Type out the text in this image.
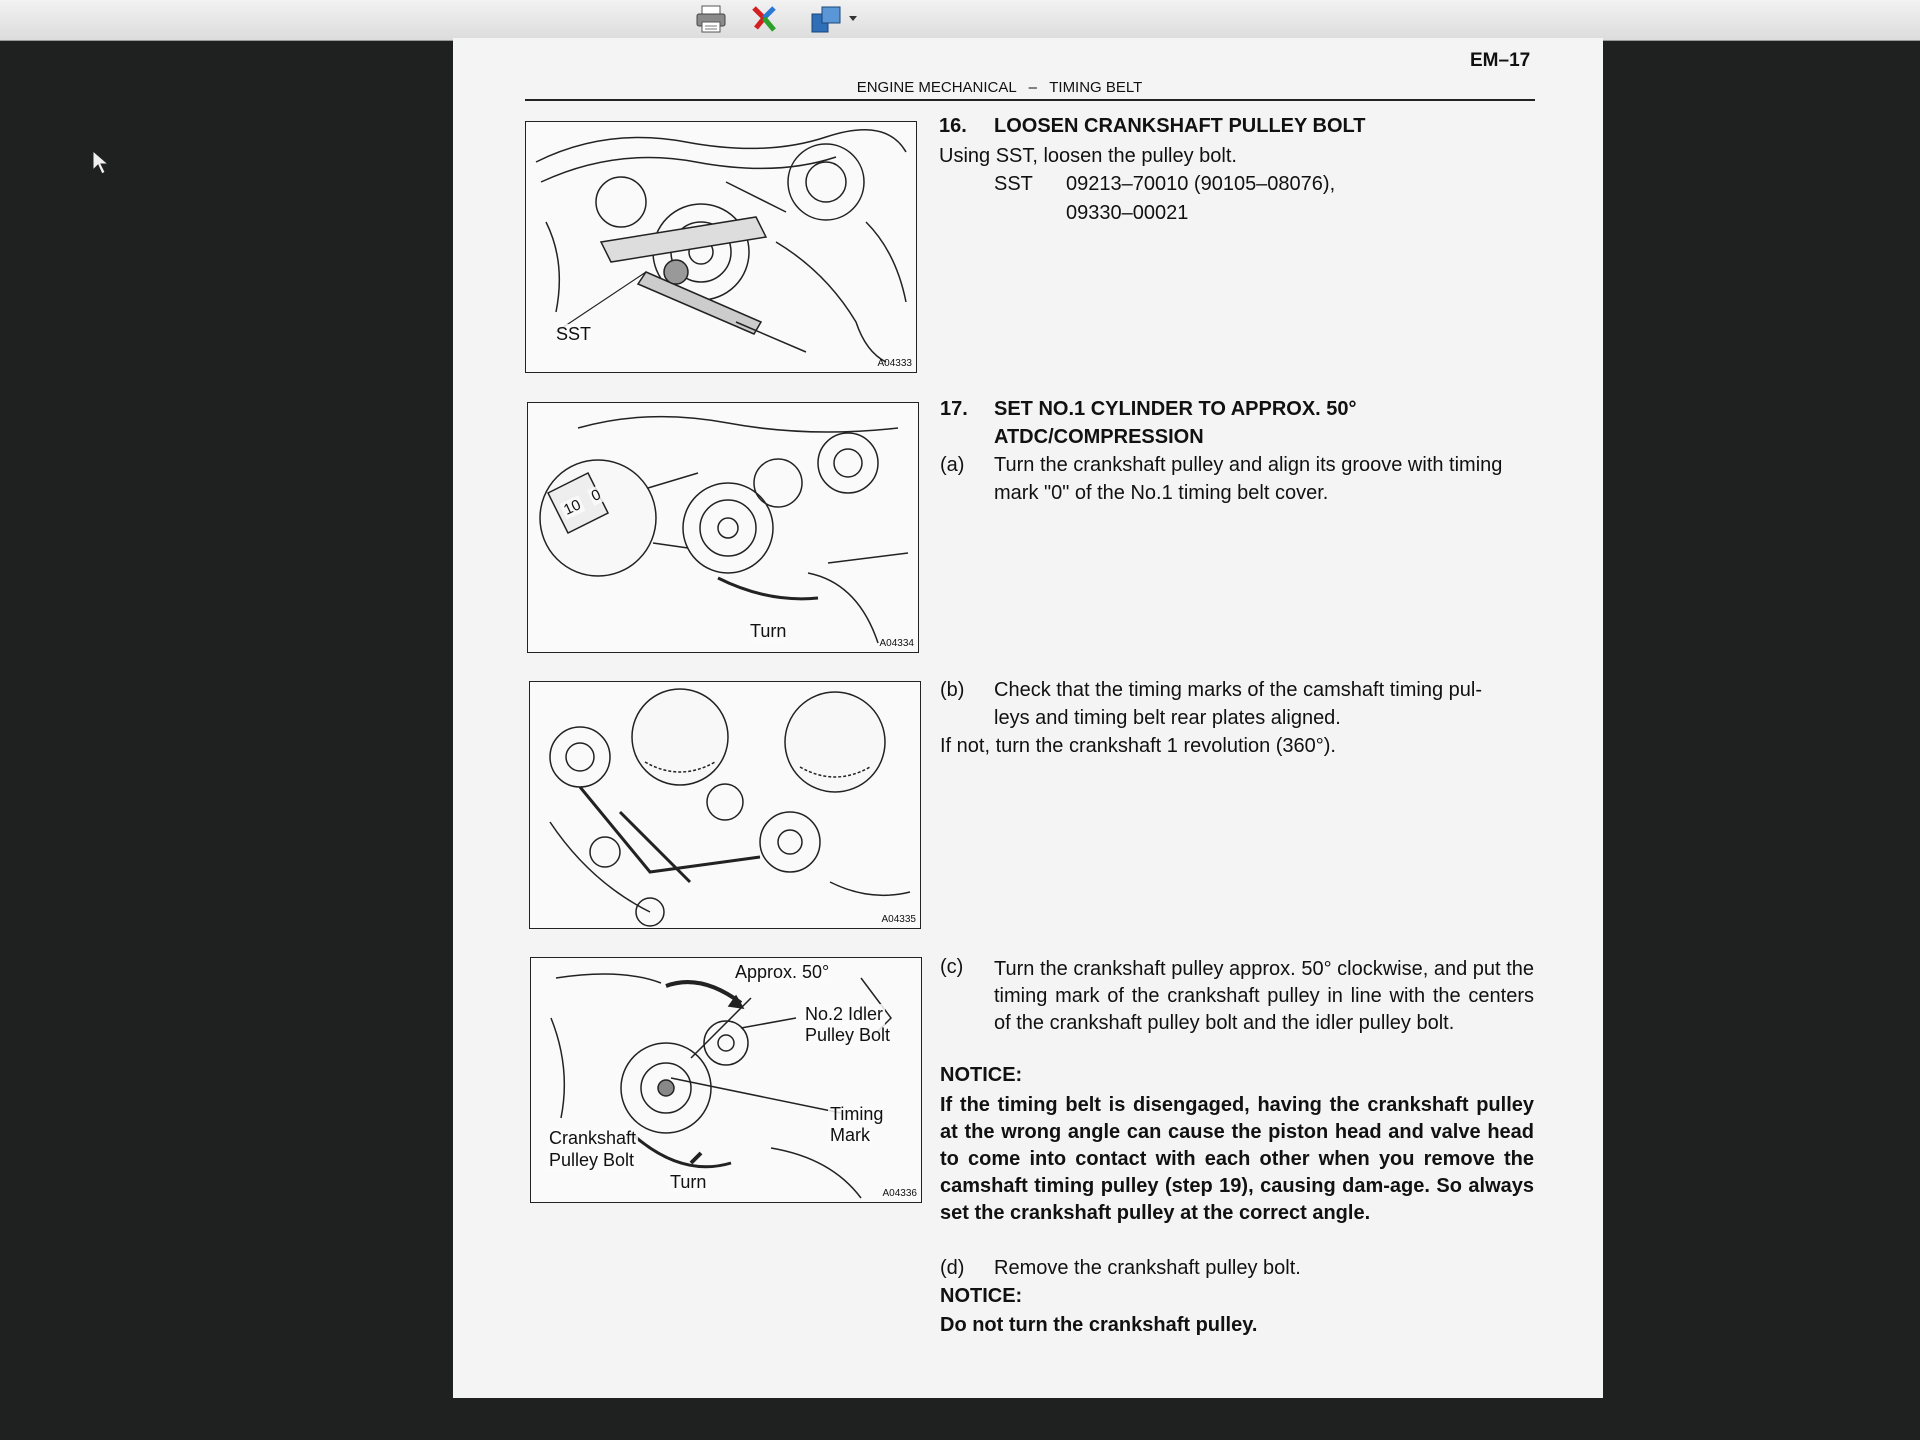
EM–17
ENGINE MECHANICAL   –   TIMING BELT
SST
A04333
10
0
Turn
A04334
A04335
Approx. 50°
No.2 Idler
Pulley Bolt
Timing
Mark
Crankshaft
Pulley Bolt
Turn
A04336
16. LOOSEN CRANKSHAFT PULLEY BOLT
Using SST, loosen the pulley bolt.
SST 09213–70010 (90105–08076),
09330–00021
17. SET NO.1 CYLINDER TO APPROX. 50°
ATDC/COMPRESSION
(a) Turn the crankshaft pulley and align its groove with timing
mark "0" of the No.1 timing belt cover.
(b) Check that the timing marks of the camshaft timing pul-
leys and timing belt rear plates aligned.
If not, turn the crankshaft 1 revolution (360°).
(c) Turn the crankshaft pulley approx. 50° clockwise, and put the timing mark of the crankshaft pulley in line with the centers of the crankshaft pulley bolt and the idler pulley bolt.
NOTICE:
If the timing belt is disengaged, having the crankshaft pulley at the wrong angle can cause the piston head and valve head to come into contact with each other when you remove the camshaft timing pulley (step 19), causing dam-age. So always set the crankshaft pulley at the correct angle.
(d) Remove the crankshaft pulley bolt.
NOTICE:
Do not turn the crankshaft pulley.
